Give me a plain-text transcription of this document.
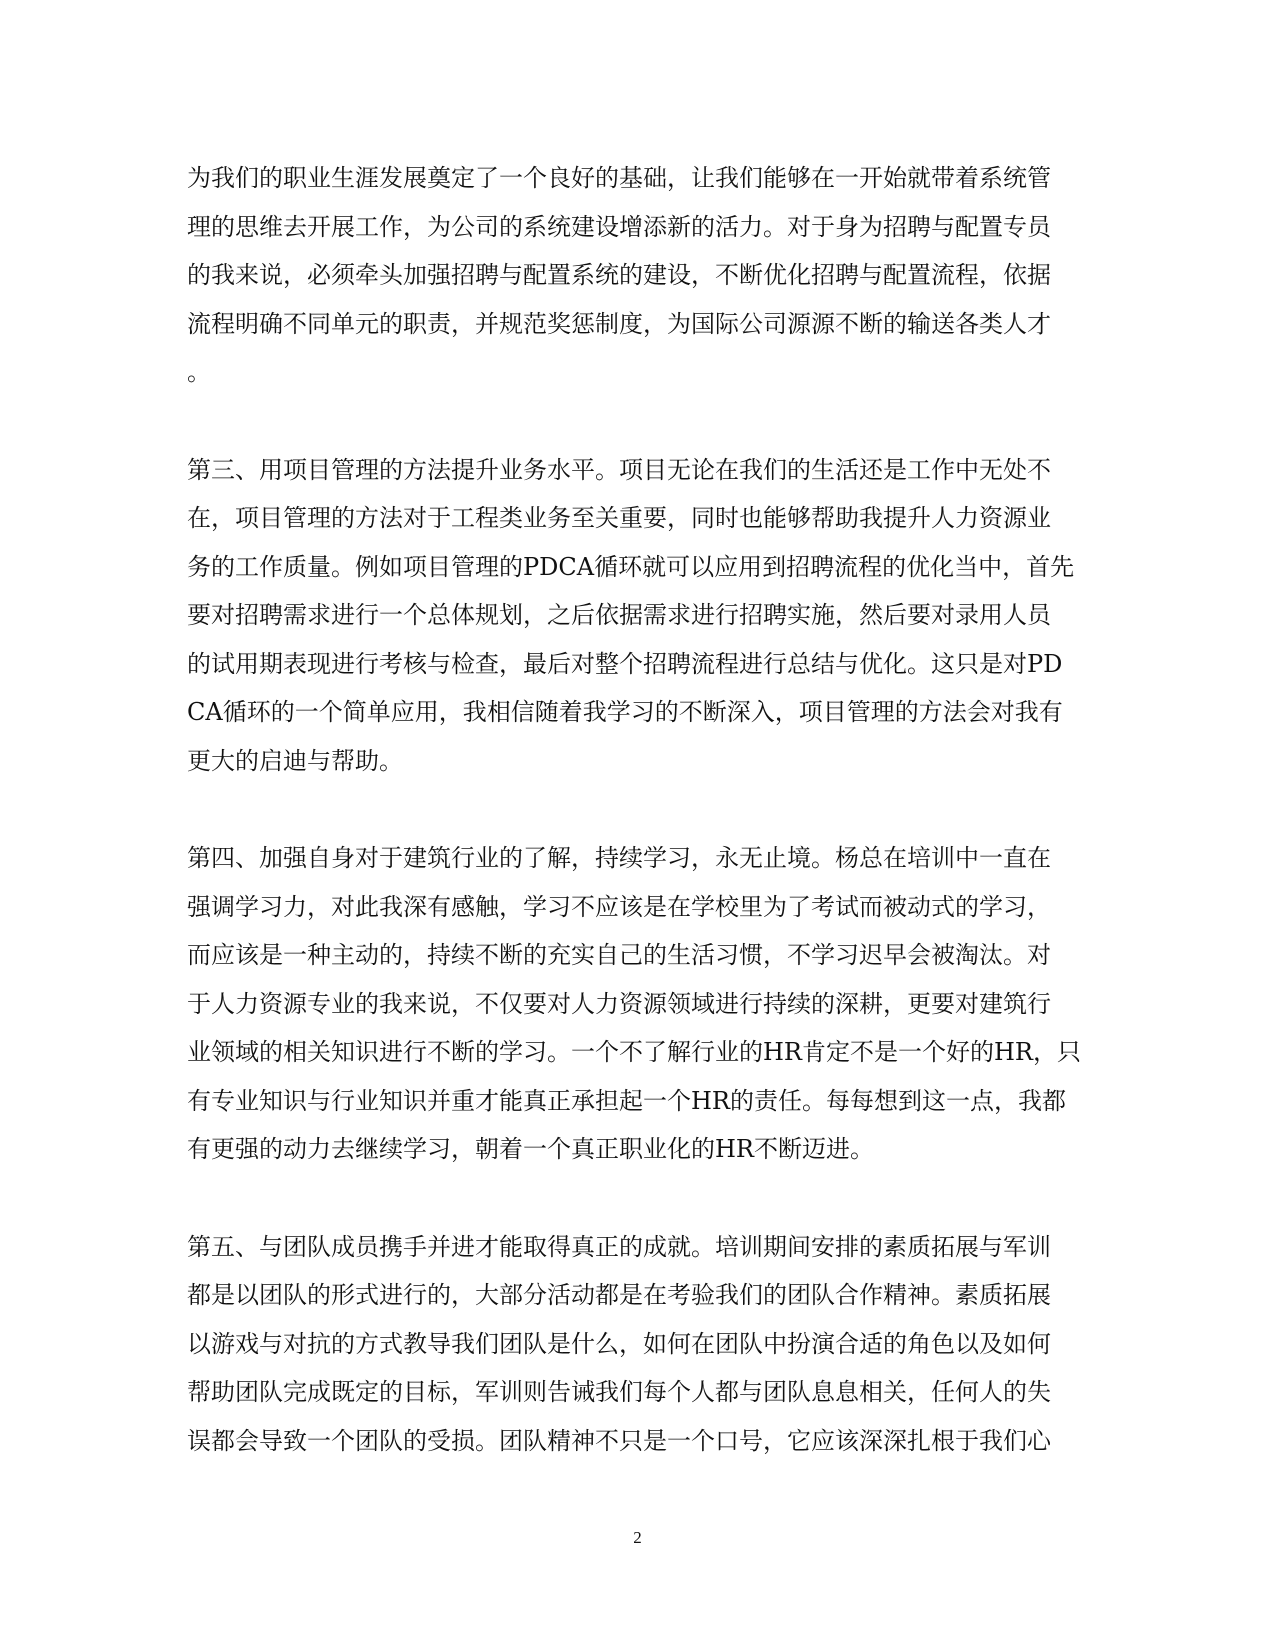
为我们的职业生涯发展奠定了一个良好的基础，让我们能够在一开始就带着系统管
理的思维去开展工作，为公司的系统建设增添新的活力。对于身为招聘与配置专员
的我来说，必须牵头加强招聘与配置系统的建设，不断优化招聘与配置流程，依据
流程明确不同单元的职责，并规范奖惩制度，为国际公司源源不断的输送各类人才
。
第三、用项目管理的方法提升业务水平。项目无论在我们的生活还是工作中无处不
在，项目管理的方法对于工程类业务至关重要，同时也能够帮助我提升人力资源业
务的工作质量。例如项目管理的PDCA循环就可以应用到招聘流程的优化当中，首先
要对招聘需求进行一个总体规划，之后依据需求进行招聘实施，然后要对录用人员
的试用期表现进行考核与检查，最后对整个招聘流程进行总结与优化。这只是对PD
CA循环的一个简单应用，我相信随着我学习的不断深入，项目管理的方法会对我有
更大的启迪与帮助。
第四、加强自身对于建筑行业的了解，持续学习，永无止境。杨总在培训中一直在
强调学习力，对此我深有感触，学习不应该是在学校里为了考试而被动式的学习，
而应该是一种主动的，持续不断的充实自己的生活习惯，不学习迟早会被淘汰。对
于人力资源专业的我来说，不仅要对人力资源领域进行持续的深耕，更要对建筑行
业领域的相关知识进行不断的学习。一个不了解行业的HR肯定不是一个好的HR，只
有专业知识与行业知识并重才能真正承担起一个HR的责任。每每想到这一点，我都
有更强的动力去继续学习，朝着一个真正职业化的HR不断迈进。
第五、与团队成员携手并进才能取得真正的成就。培训期间安排的素质拓展与军训
都是以团队的形式进行的，大部分活动都是在考验我们的团队合作精神。素质拓展
以游戏与对抗的方式教导我们团队是什么，如何在团队中扮演合适的角色以及如何
帮助团队完成既定的目标，军训则告诫我们每个人都与团队息息相关，任何人的失
误都会导致一个团队的受损。团队精神不只是一个口号，它应该深深扎根于我们心
2
